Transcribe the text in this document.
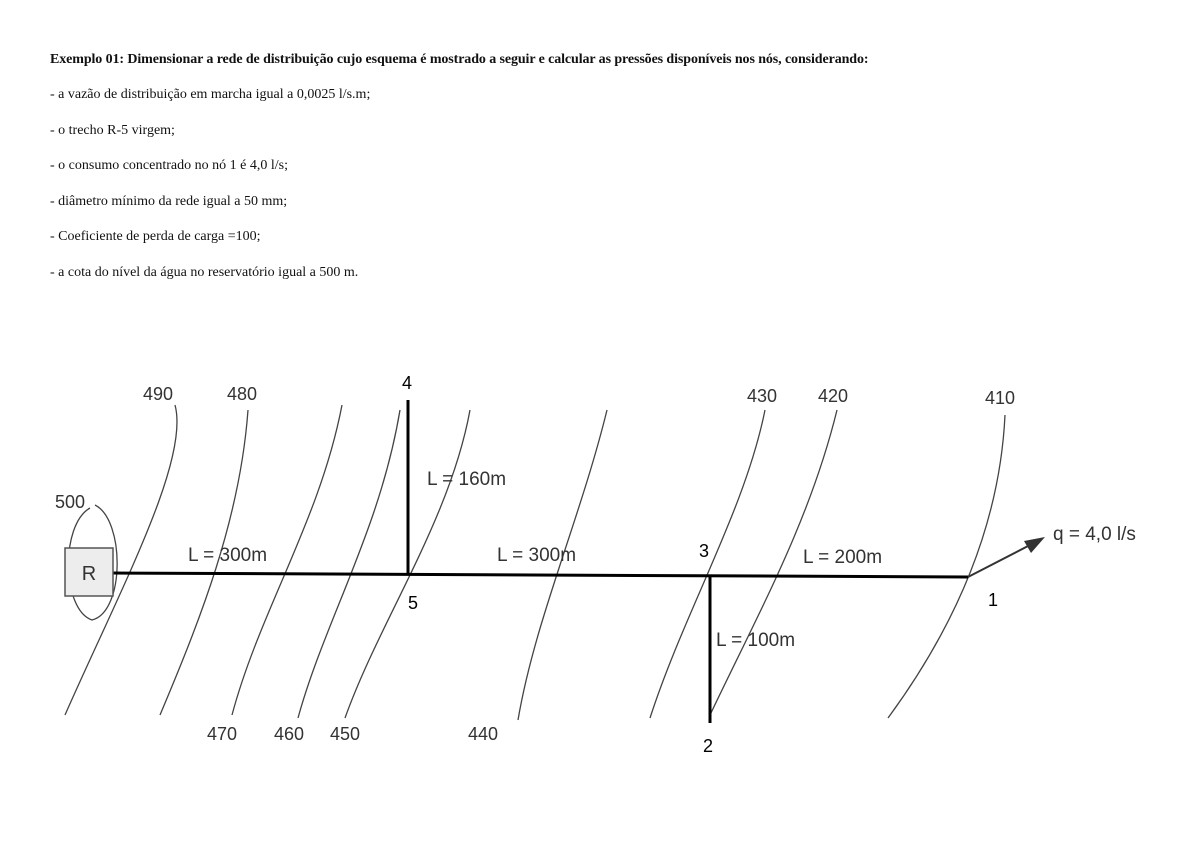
Exemplo 01: Dimensionar a rede de distribuição cujo esquema é mostrado a seguir e calcular as pressões disponíveis nos nós, considerando:

- a vazão de distribuição em marcha igual a 0,0025 l/s.m;

- o trecho R-5 virgem;

- o consumo concentrado no nó 1 é 4,0 l/s;

- diâmetro mínimo da rede igual a 50 mm;

- Coeficiente de perda de carga =100;

- a cota do nível da água no reservatório igual a 500 m.

500
490	480
470 460 450	440
430 420	410
R
L = 300m
L = 160m
L = 300m	L = 200m
L = 100m
1
2
3
4
5
q = 4,0 l/s
